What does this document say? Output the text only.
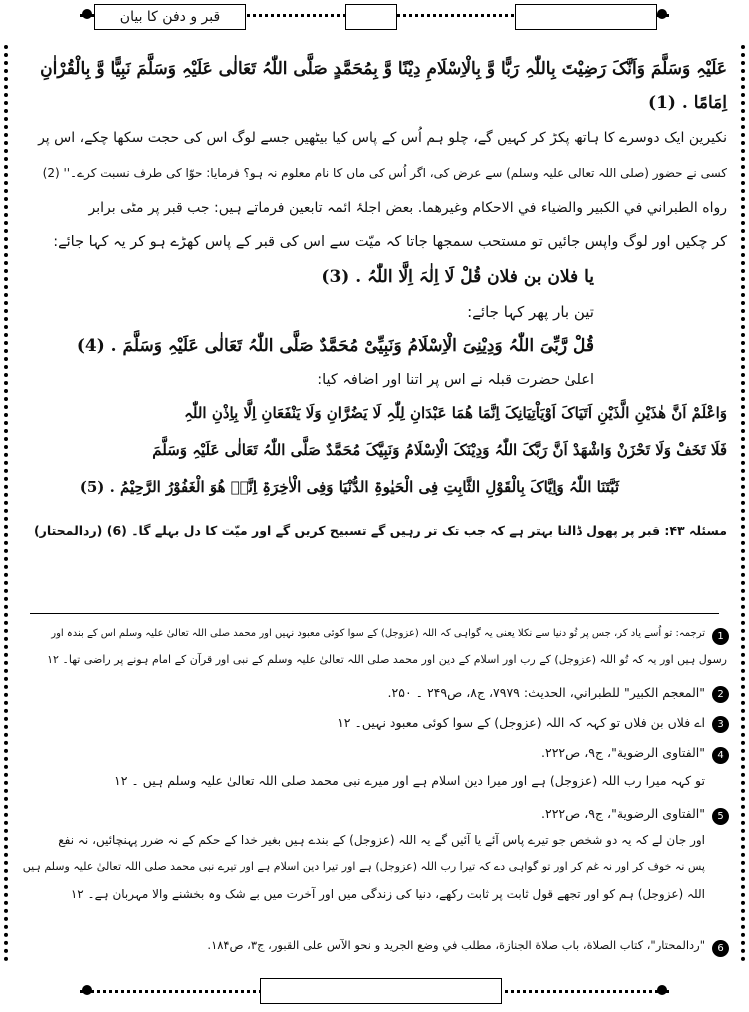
قبر و دفن کا بیان
عَلَیْہِ وَسَلَّمَ وَاَنَّکَ رَضِیْتَ بِاللّٰہِ رَبًّا وَّ بِالْاِسْلَامِ دِیْنًا وَّ بِمُحَمَّدٍ صَلَّی اللّٰہُ تَعَالٰی عَلَیْہِ وَسَلَّمَ نَبِیًّا وَّ بِالْقُرْاٰنِ
اِمَامًا . (1)
نکیرین ایک دوسرے کا ہاتھ پکڑ کر کہیں گے، چلو ہم اُس کے پاس کیا بیٹھیں جسے لوگ اس کی حجت سکھا چکے، اس پر
کسی نے حضور (صلی اللہ تعالی علیہ وسلم) سے عرض کی، اگر اُس کی ماں کا نام معلوم نہ ہو؟ فرمایا: حوّا کی طرف نسبت کرے۔'' (2)
رواه الطبراني في الكبير والضياء في الاحكام وغيرهما. بعض اجلۂ ائمہ تابعین فرماتے ہیں: جب قبر پر مٹی برابر
کر چکیں اور لوگ واپس جائیں تو مستحب سمجھا جاتا کہ میّت سے اس کی قبر کے پاس کھڑے ہو کر یہ کہا جائے:
یا فلان بن فلان قُلْ لَا اِلٰہَ اِلَّا اللّٰہُ . (3)
تین بار پھر کہا جائے:
قُلْ رَّبِّیَ اللّٰہُ وَدِیْنِیَ الْاِسْلَامُ وَنَبِیِّیْ مُحَمَّدٌ صَلَّی اللّٰہُ تَعَالٰی عَلَیْہِ وَسَلَّمَ . (4)
اعلیٰ حضرت قبلہ نے اس پر اتنا اور اضافہ کیا:
وَاعْلَمْ اَنَّ ھٰذَیْنِ الَّذَیْنِ اَتَیَاکَ اَوْیَاْتِیَانِکَ اِنَّمَا ھُمَا عَبْدَانِ لِلّٰہِ لَا یَضُرَّانِ وَلَا یَنْفَعَانِ اِلَّا بِاِذْنِ اللّٰہِ
فَلَا تَخَفْ وَلَا تَحْزَنْ وَاشْھَدْ اَنَّ رَبَّکَ اللّٰہُ وَدِیْنَکَ الْاِسْلَامُ وَنَبِیَّکَ مُحَمَّدٌ صَلَّی اللّٰہُ تَعَالٰی عَلَیْہِ وَسَلَّمَ
ثَبَّتَنَا اللّٰہُ وَاِیَّاکَ بِالْقَوْلِ الثَّابِتِ فِی الْحَیٰوۃِ الدُّنْیَا وَفِی الْاٰخِرَۃِ اِنَّہٗ ھُوَ الْغَفُوْرُ الرَّحِیْمُ . (5)
مسئلہ ۴۳: قبر پر پھول ڈالنا بہتر ہے کہ جب تک تر رہیں گے تسبیح کریں گے اور میّت کا دل بہلے گا۔ (6) (ردالمحتار)
1
ترجمہ: تو اُسے یاد کر، جس پر تُو دنیا سے نکلا یعنی یہ گواہی کہ اللہ (عزوجل) کے سوا کوئی معبود نہیں اور محمد صلی اللہ تعالیٰ علیہ وسلم اس کے بندہ اور
رسول ہیں اور یہ کہ تُو اللہ (عزوجل) کے رب اور اسلام کے دین اور محمد صلی اللہ تعالیٰ علیہ وسلم کے نبی اور قرآن کے امام ہونے پر راضی تھا۔ ۱۲
2
"المعجم الكبير" للطبراني، الحديث: ۷۹۷۹، ج۸، ص۲۴۹ ۔ ۲۵۰.
3
اے فلاں بن فلاں تو کہہ کہ اللہ (عزوجل) کے سوا کوئی معبود نہیں۔ ۱۲
4
"الفتاوى الرضوية"، ج۹، ص۲۲۲.
تو کہہ میرا رب اللہ (عزوجل) ہے اور میرا دین اسلام ہے اور میرے نبی محمد صلی اللہ تعالیٰ علیہ وسلم ہیں ۔ ۱۲
5
"الفتاوى الرضوية"، ج۹، ص۲۲۲.
اور جان لے کہ یہ دو شخص جو تیرے پاس آئے یا آئیں گے یہ اللہ (عزوجل) کے بندے ہیں بغیر خدا کے حکم کے نہ ضرر پہنچائیں، نہ نفع
پس نہ خوف کر اور نہ غم کر اور تو گواہی دے کہ تیرا رب اللہ (عزوجل) ہے اور تیرا دین اسلام ہے اور تیرے نبی محمد صلی اللہ تعالیٰ علیہ وسلم ہیں
اللہ (عزوجل) ہم کو اور تجھے قول ثابت پر ثابت رکھے، دنیا کی زندگی میں اور آخرت میں بے شک وہ بخشنے والا مہربان ہے۔ ۱۲
6
"ردالمحتار"، كتاب الصلاة، باب صلاة الجنازة، مطلب في وضع الجريد و نحو الآس على القبور، ج۳، ص۱۸۴.
